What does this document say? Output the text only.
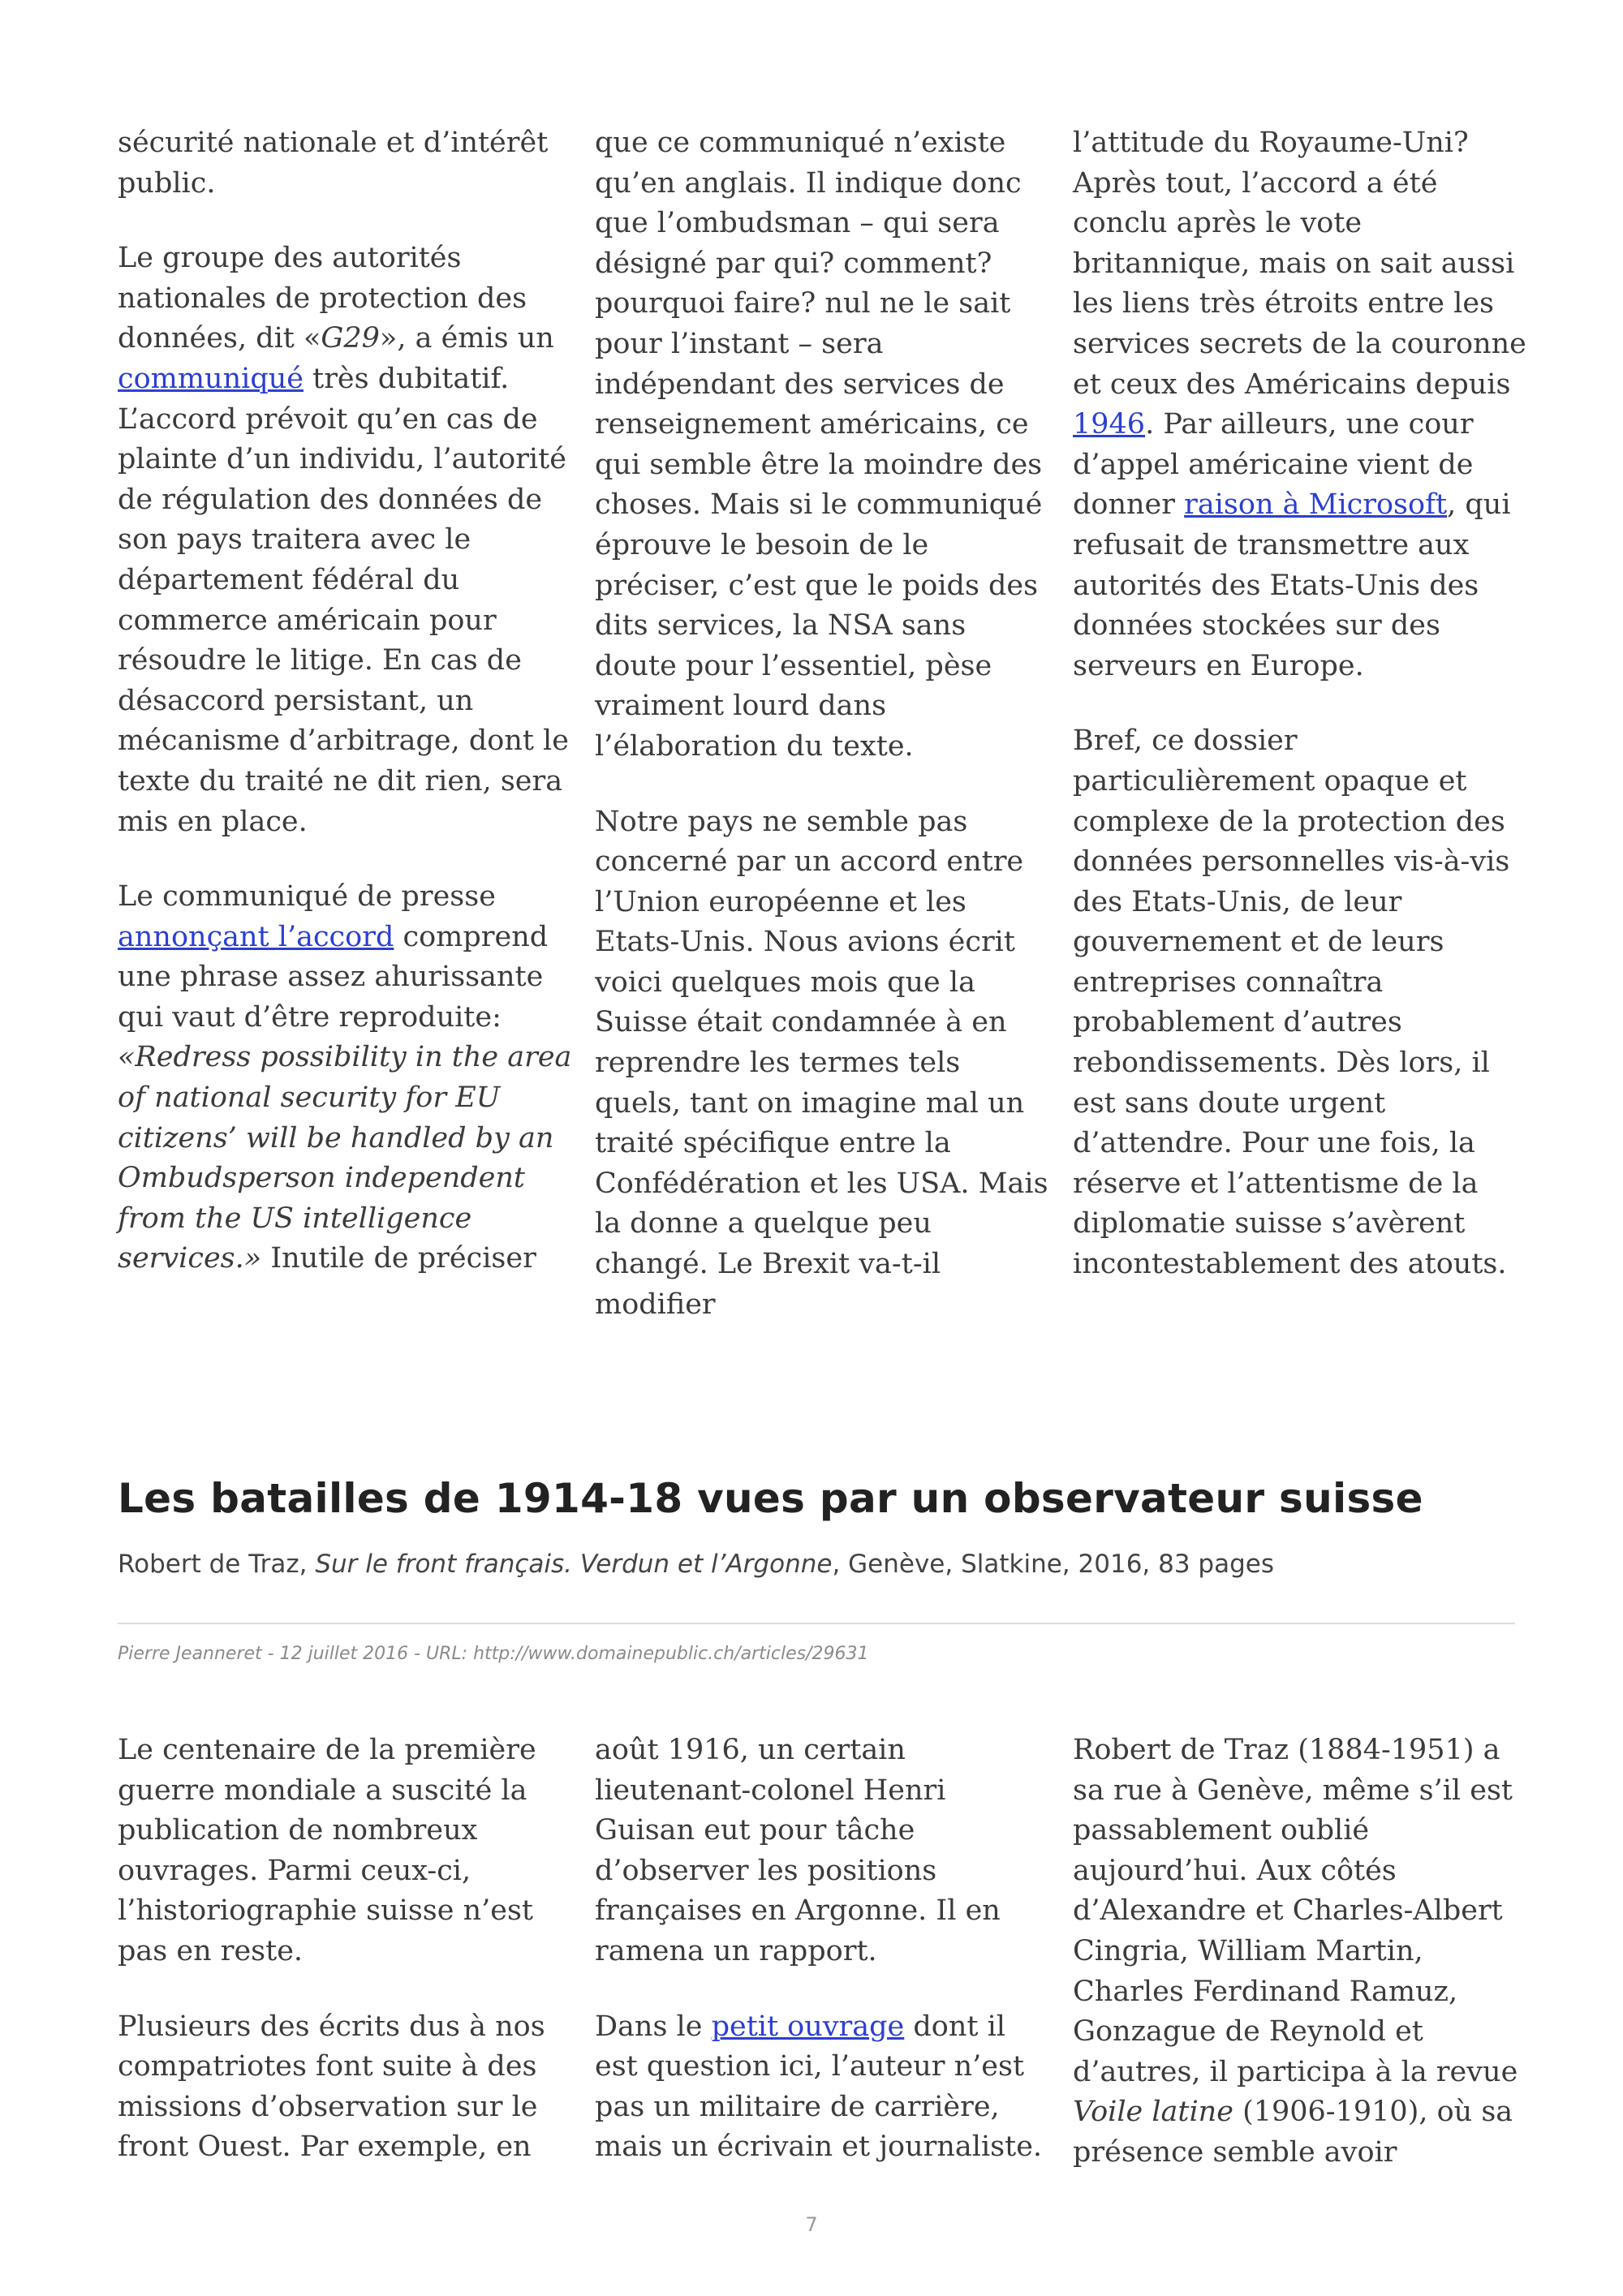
sécurité nationale et d’intérêt public.

Le groupe des autorités nationales de protection des données, dit «G29», a émis un communiqué très dubitatif. L’accord prévoit qu’en cas de plainte d’un individu, l’autorité de régulation des données de son pays traitera avec le département fédéral du commerce américain pour résoudre le litige. En cas de désaccord persistant, un mécanisme d’arbitrage, dont le texte du traité ne dit rien, sera mis en place.

Le communiqué de presse annonçant l’accord comprend une phrase assez ahurissante qui vaut d’être reproduite: «Redress possibility in the area of national security for EU citizens’ will be handled by an Ombudsperson independent from the US intelligence services.» Inutile de préciser

que ce communiqué n’existe qu’en anglais. Il indique donc que l’ombudsman – qui sera désigné par qui? comment? pourquoi faire? nul ne le sait pour l’instant – sera indépendant des services de renseignement américains, ce qui semble être la moindre des choses. Mais si le communiqué éprouve le besoin de le préciser, c’est que le poids des dits services, la NSA sans doute pour l’essentiel, pèse vraiment lourd dans l’élaboration du texte.

Notre pays ne semble pas concerné par un accord entre l’Union européenne et les Etats-Unis. Nous avions écrit voici quelques mois que la Suisse était condamnée à en reprendre les termes tels quels, tant on imagine mal un traité spécifique entre la Confédération et les USA. Mais la donne a quelque peu changé. Le Brexit va-t-il modifier

l’attitude du Royaume-Uni? Après tout, l’accord a été conclu après le vote britannique, mais on sait aussi les liens très étroits entre les services secrets de la couronne et ceux des Américains depuis 1946. Par ailleurs, une cour d’appel américaine vient de donner raison à Microsoft, qui refusait de transmettre aux autorités des Etats-Unis des données stockées sur des serveurs en Europe.

Bref, ce dossier particulièrement opaque et complexe de la protection des données personnelles vis-à-vis des Etats-Unis, de leur gouvernement et de leurs entreprises connaîtra probablement d’autres rebondissements. Dès lors, il est sans doute urgent d’attendre. Pour une fois, la réserve et l’attentisme de la diplomatie suisse s’avèrent incontestablement des atouts.

Les batailles de 1914-18 vues par un observateur suisse
Robert de Traz, Sur le front français. Verdun et l’Argonne, Genève, Slatkine, 2016, 83 pages
Pierre Jeanneret - 12 juillet 2016 - URL: http://www.domainepublic.ch/articles/29631

Le centenaire de la première guerre mondiale a suscité la publication de nombreux ouvrages. Parmi ceux-ci, l’historiographie suisse n’est pas en reste.

Plusieurs des écrits dus à nos compatriotes font suite à des missions d’observation sur le front Ouest. Par exemple, en

août 1916, un certain lieutenant-colonel Henri Guisan eut pour tâche d’observer les positions françaises en Argonne. Il en ramena un rapport.

Dans le petit ouvrage dont il est question ici, l’auteur n’est pas un militaire de carrière, mais un écrivain et journaliste.

Robert de Traz (1884-1951) a sa rue à Genève, même s’il est passablement oublié aujourd’hui. Aux côtés d’Alexandre et Charles-Albert Cingria, William Martin, Charles Ferdinand Ramuz, Gonzague de Reynold et d’autres, il participa à la revue Voile latine (1906-1910), où sa présence semble avoir

7
